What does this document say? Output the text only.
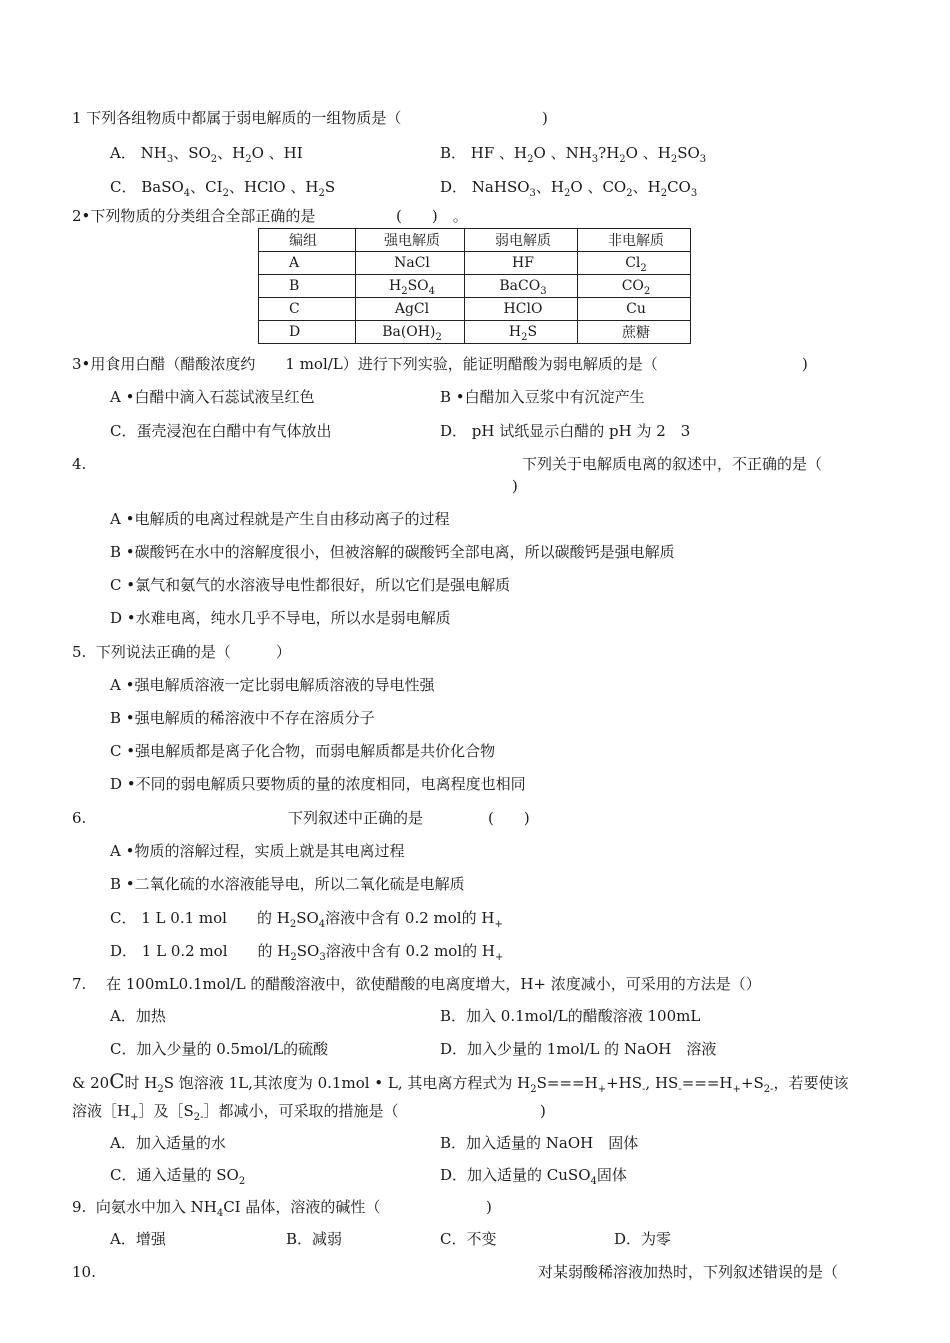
1 下列各组物质中都属于弱电解质的一组物质是（	)
A． $NH_3$、$SO_2$、$H_2O$ 、HI	B． HF 、$H_2O$ 、$NH_3?H_2O$ 、$H_2SO_3$
C． BaSO$_4$、$CI_2$、HClO 、$H_2S$	D． NaHSO$_3$、$H_2O$ 、$CO_2$、$H_2CO_3$
2•下列物质的分类组合全部正确的是	(　　)　。
编组	强电解质	弱电解质	非电解质
A	NaCl	HF	$Cl_2$
B	$H_2SO_4$	BaCO$_3$	$CO_2$
C	AgCl	HClO	Cu
D	$Ba(OH)_2$	$H_2S$	蔗糖
3•用食用白醋（醋酸浓度约　　1 mol/L）进行下列实验，能证明醋酸为弱电解质的是（	)
A •白醋中滴入石蕊试液呈红色	B •白醋加入豆浆中有沉淀产生
C．蛋壳浸泡在白醋中有气体放出	D． pH 试纸显示白醋的 pH 为 2　3
4.	下列关于电解质电离的叙述中，不正确的是（
)
A •电解质的电离过程就是产生自由移动离子的过程
B •碳酸钙在水中的溶解度很小，但被溶解的碳酸钙全部电离，所以碳酸钙是强电解质
C •氯气和氨气的水溶液导电性都很好，所以它们是强电解质
D •水难电离，纯水几乎不导电，所以水是弱电解质
5.  下列说法正确的是（　　　）
A •强电解质溶液一定比弱电解质溶液的导电性强
B •强电解质的稀溶液中不存在溶质分子
C •强电解质都是离子化合物，而弱电解质都是共价化合物
D •不同的弱电解质只要物质的量的浓度相同，电离程度也相同
6.	下列叙述中正确的是	(　　)
A •物质的溶解过程，实质上就是其电离过程
B •二氧化硫的水溶液能导电，所以二氧化硫是电解质
C． 1 L 0.1 mol　　的 $H_2SO_4$溶液中含有 0.2 mol的 $H_+$
D． 1 L 0.2 mol　　的 $H_2SO_3$溶液中含有 0.2 mol的 $H_+$
7.　 在 100mL0.1mol/L 的醋酸溶液中，欲使醋酸的电离度增大，H+ 浓度减小，可采用的方法是（）
A．加热	B．加入 0.1mol/L的醋酸溶液 100mL
C．加入少量的 0.5mol/L的硫酸	D．加入少量的 1mol/L 的 NaOH　溶液
& 20C时 $H_2S$ 饱溶液 1L,其浓度为 0.1mol • L, 其电离方程式为 $H_2S===H_++HS_-$, $HS_-===H_++S_{2-}$，若要使该
溶液$[H_+]$及$[S_{2-}]$都减小，可采取的措施是（	)
A．加入适量的水	B．加入适量的 NaOH　固体
C．通入适量的 $SO_2$	D．加入适量的 CuSO$_4$固体
9.  向氨水中加入 $NH_4CI$ 晶体，溶液的碱性（	)
A．增强	B．减弱	C．不变	D．为零
10.	对某弱酸稀溶液加热时，下列叙述错误的是（
